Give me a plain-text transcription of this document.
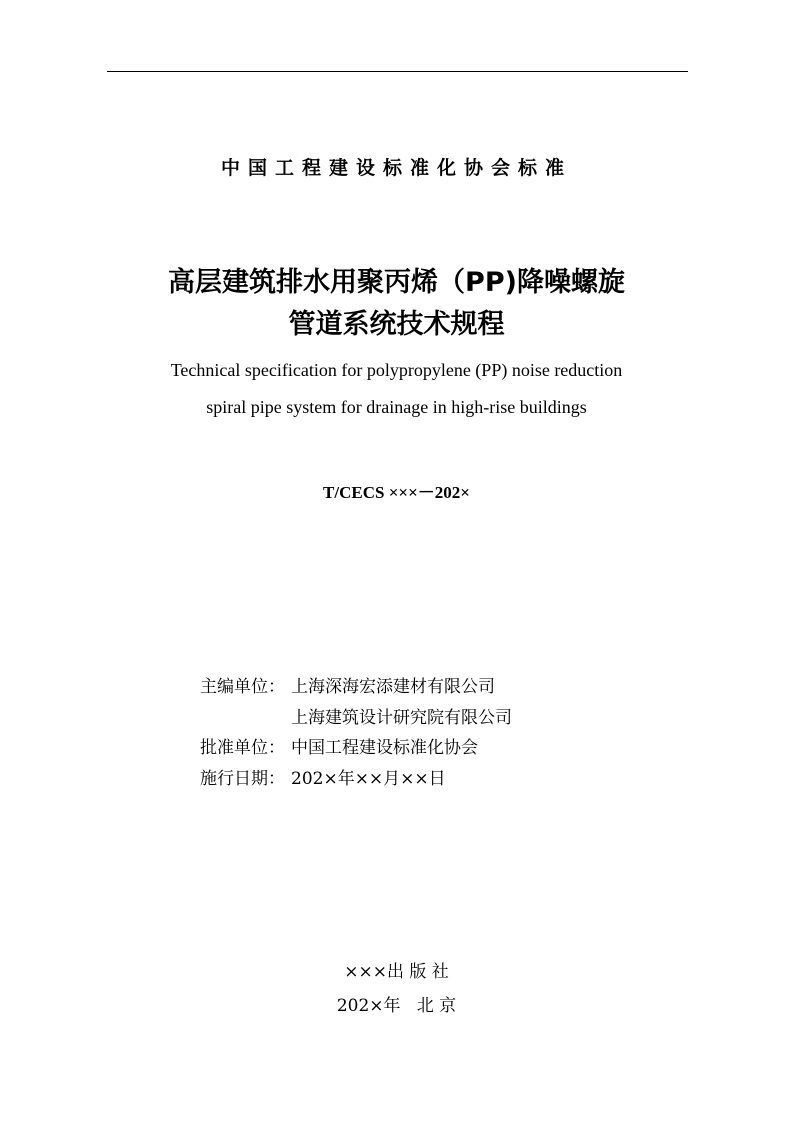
中国工程建设标准化协会标准
高层建筑排水用聚丙烯（PP)降噪螺旋
管道系统技术规程
Technical specification for polypropylene (PP) noise reduction
spiral pipe system for drainage in high-rise buildings
T/CECS ×××－202×
主编单位： 上海深海宏添建材有限公司
上海建筑设计研究院有限公司
批准单位： 中国工程建设标准化协会
施行日期： 202×年××月××日
×××出 版 社
202×年   北 京
